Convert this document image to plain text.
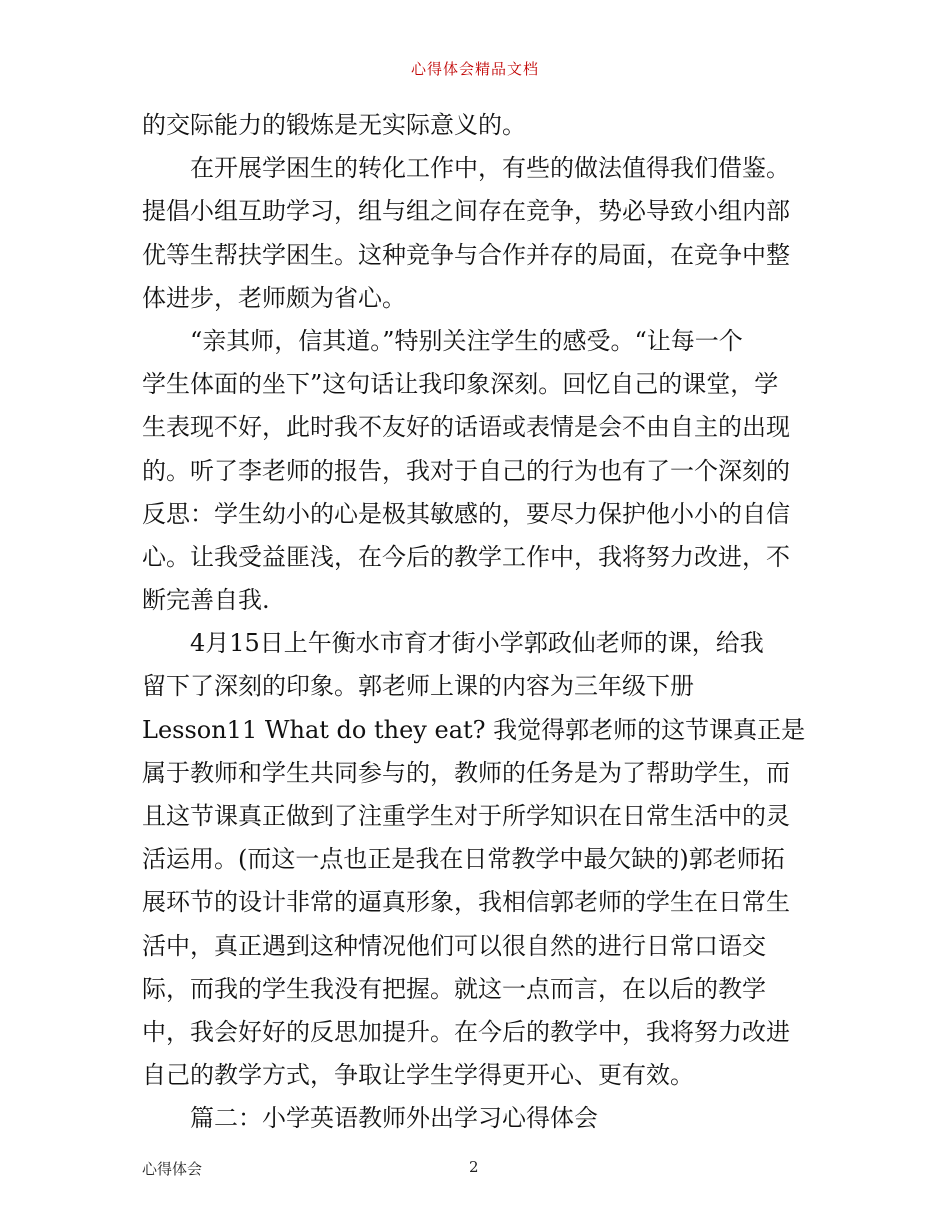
心得体会精品文档
的交际能力的锻炼是无实际意义的。
在开展学困生的转化工作中，有些的做法值得我们借鉴。
提倡小组互助学习，组与组之间存在竞争，势必导致小组内部
优等生帮扶学困生。这种竞争与合作并存的局面，在竞争中整
体进步，老师颇为省心。
“亲其师，信其道。”特别关注学生的感受。“让每一个
学生体面的坐下”这句话让我印象深刻。回忆自己的课堂，学
生表现不好，此时我不友好的话语或表情是会不由自主的出现
的。听了李老师的报告，我对于自己的行为也有了一个深刻的
反思：学生幼小的心是极其敏感的，要尽力保护他小小的自信
心。让我受益匪浅，在今后的教学工作中，我将努力改进，不
断完善自我.
4月15日上午衡水市育才街小学郭政仙老师的课，给我
留下了深刻的印象。郭老师上课的内容为三年级下册
Lesson11 What do they eat? 我觉得郭老师的这节课真正是
属于教师和学生共同参与的，教师的任务是为了帮助学生，而
且这节课真正做到了注重学生对于所学知识在日常生活中的灵
活运用。(而这一点也正是我在日常教学中最欠缺的)郭老师拓
展环节的设计非常的逼真形象，我相信郭老师的学生在日常生
活中，真正遇到这种情况他们可以很自然的进行日常口语交
际，而我的学生我没有把握。就这一点而言，在以后的教学
中，我会好好的反思加提升。在今后的教学中，我将努力改进
自己的教学方式，争取让学生学得更开心、更有效。
篇二：小学英语教师外出学习心得体会
心得体会	2
